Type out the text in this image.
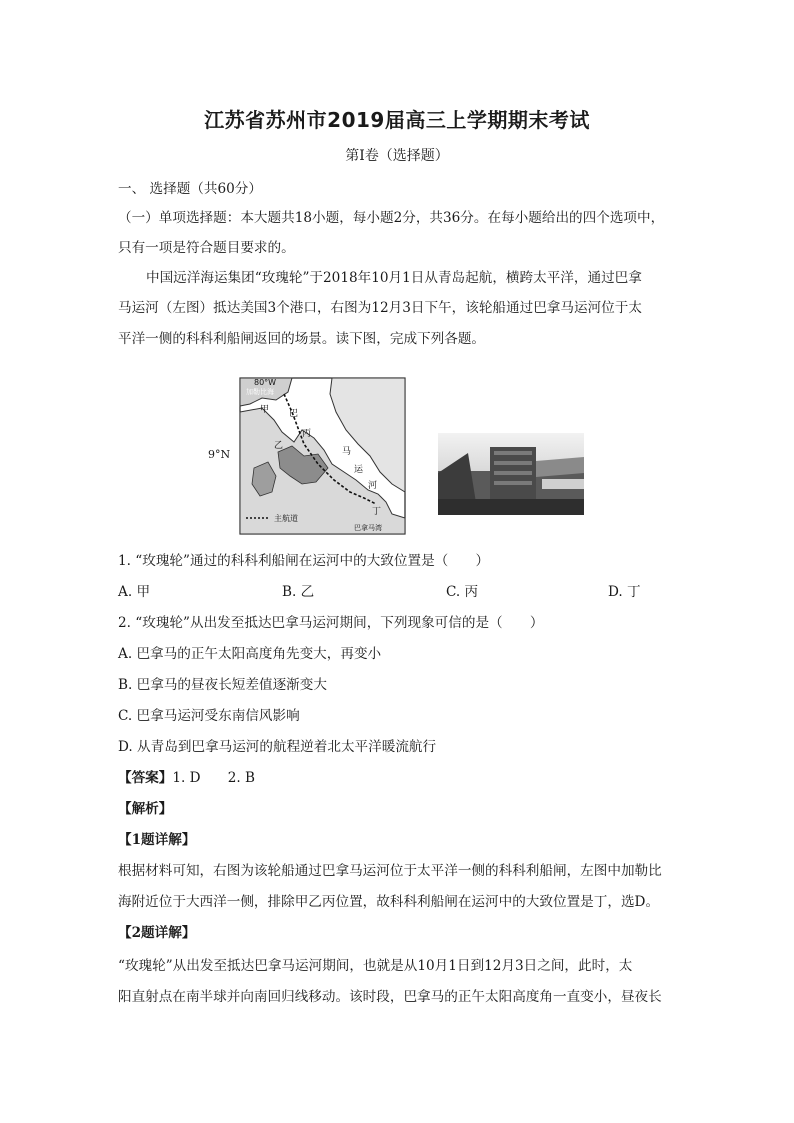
江苏省苏州市2019届高三上学期期末考试
第Ⅰ卷（选择题）
一、 选择题（共60分）
（一）单项选择题：本大题共18小题，每小题2分，共36分。在每小题给出的四个选项中，
只有一项是符合题目要求的。
中国远洋海运集团“玫瑰轮”于2018年10月1日从青岛起航，横跨太平洋，通过巴拿
马运河（左图）抵达美国3个港口，右图为12月3日下午，该轮船通过巴拿马运河位于太
平洋一侧的科科利船闸返回的场景。读下图，完成下列各题。
80°W
加勒比海
甲 巴
乙
丙
马
运
河
丁
主航道
巴拿马湾
9°N
1. “玫瑰轮”通过的科科利船闸在运河中的大致位置是（　　）
A. 甲	B. 乙	C. 丙	D. 丁
2. “玫瑰轮”从出发至抵达巴拿马运河期间，下列现象可信的是（　　）
A. 巴拿马的正午太阳高度角先变大，再变小
B. 巴拿马的昼夜长短差值逐渐变大
C. 巴拿马运河受东南信风影响
D. 从青岛到巴拿马运河的航程逆着北太平洋暖流航行
【答案】1. D　　2. B
【解析】
【1题详解】
根据材料可知，右图为该轮船通过巴拿马运河位于太平洋一侧的科科利船闸，左图中加勒比
海附近位于大西洋一侧，排除甲乙丙位置，故科科利船闸在运河中的大致位置是丁，选D。
【2题详解】
“玫瑰轮”从出发至抵达巴拿马运河期间，也就是从10月1日到12月3日之间，此时，太
阳直射点在南半球并向南回归线移动。该时段，巴拿马的正午太阳高度角一直变小，昼夜长
